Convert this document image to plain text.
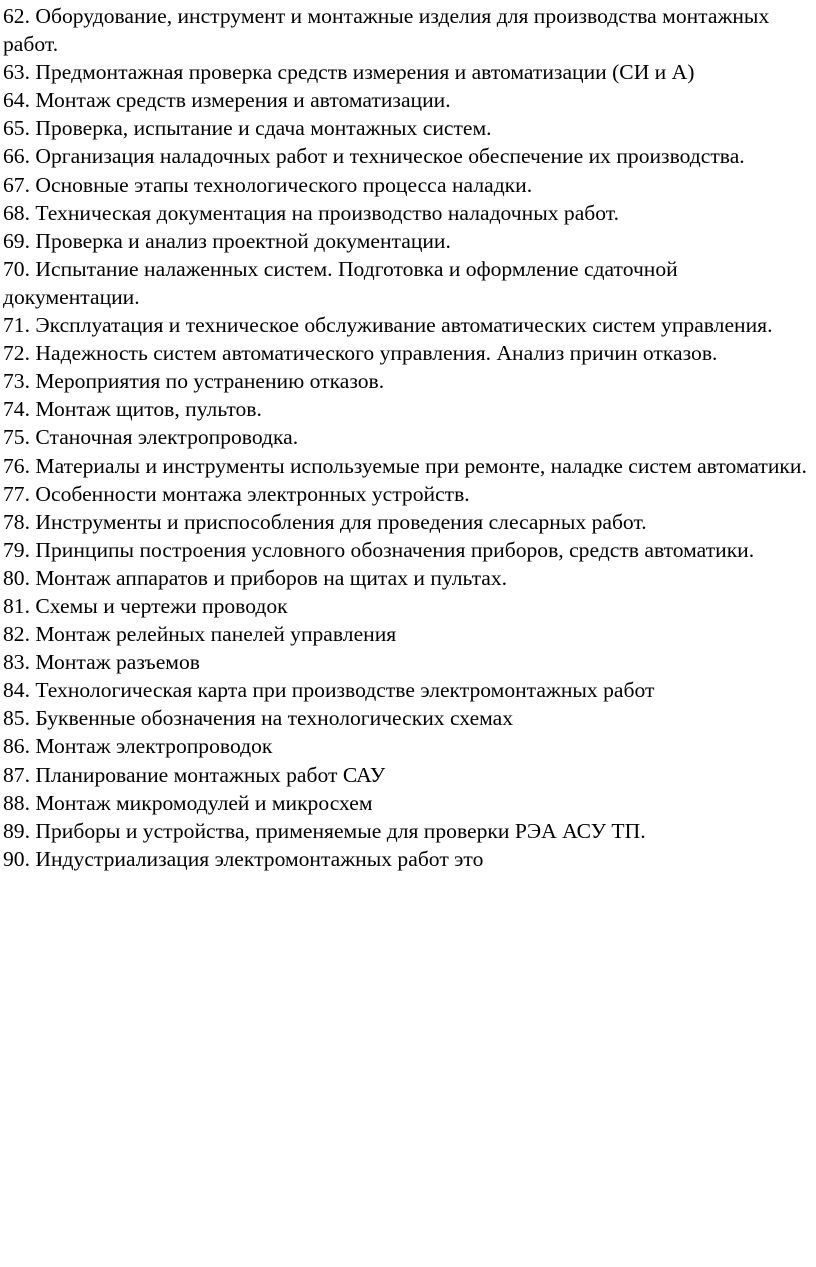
62. Оборудование, инструмент и монтажные изделия для производства монтажных работ.
63. Предмонтажная проверка средств измерения и автоматизации (СИ и А)
64. Монтаж средств измерения и автоматизации.
65. Проверка, испытание и сдача монтажных систем.
66. Организация наладочных работ и техническое обеспечение их производства.
67. Основные этапы технологического процесса наладки.
68. Техническая документация на производство наладочных работ.
69. Проверка и анализ проектной документации.
70. Испытание налаженных систем. Подготовка и оформление сдаточной документации.
71. Эксплуатация и техническое обслуживание автоматических систем управления.
72. Надежность систем автоматического управления. Анализ причин отказов.
73. Мероприятия по устранению отказов.
74. Монтаж щитов, пультов.
75. Станочная электропроводка.
76. Материалы и инструменты используемые при ремонте, наладке систем автоматики.
77. Особенности монтажа электронных устройств.
78. Инструменты и приспособления для проведения слесарных работ.
79. Принципы построения условного обозначения приборов, средств автоматики.
80. Монтаж аппаратов и приборов на щитах и пультах.
81. Схемы и чертежи проводок
82. Монтаж релейных панелей управления
83. Монтаж разъемов
84. Технологическая карта при производстве электромонтажных работ
85. Буквенные обозначения на технологических схемах
86. Монтаж электропроводок
87. Планирование монтажных работ САУ
88. Монтаж микромодулей и микросхем
89. Приборы и устройства, применяемые для проверки РЭА АСУ ТП.
90. Индустриализация электромонтажных работ это
